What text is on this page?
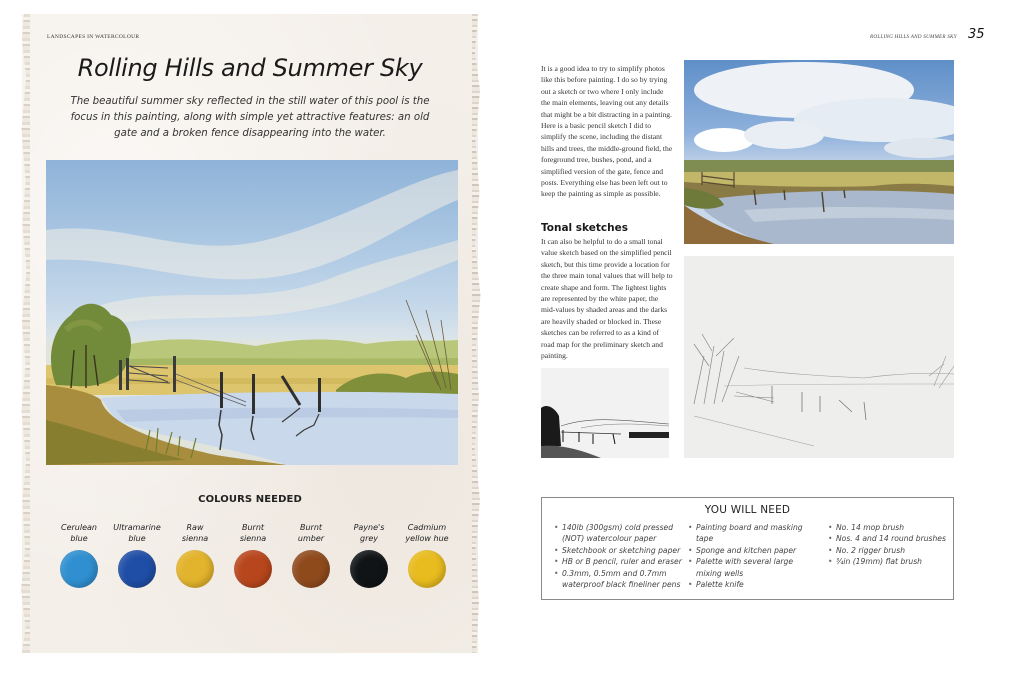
LANDSCAPES IN WATERCOLOUR
Rolling Hills and Summer Sky

The beautiful summer sky reflected in the still water of this pool is the focus in this painting, along with simple yet attractive features: an old gate and a broken fence disappearing into the water.

COLOURS NEEDED
Cerulean
blue
Ultramarine
blue
Raw
sienna
Burnt
sienna
Burnt
umber
Payne's
grey
Cadmium
yellow hue
ROLLING HILLS AND SUMMER SKY 35

It is a good idea to try to simplify photos like this before painting. I do so by trying out a sketch or two where I only include the main elements, leaving out any details that might be a bit distracting in a painting. Here is a basic pencil sketch I did to simplify the scene, including the distant hills and trees, the middle-ground field, the foreground tree, bushes, pond, and a simplified version of the gate, fence and posts. Everything else has been left out to keep the painting as simple as possible.

Tonal sketches

It can also be helpful to do a small tonal value sketch based on the simplified pencil sketch, but this time provide a location for the three main tonal values that will help to create shape and form. The lightest lights are represented by the white paper, the mid-values by shaded areas and the darks are heavily shaded or blocked in. These sketches can be referred to as a kind of road map for the preliminary sketch and painting.

YOU WILL NEED
• 140lb (300gsm) cold pressed (NOT) watercolour paper
• Sketchbook or sketching paper
• HB or B pencil, ruler and eraser
• 0.3mm, 0.5mm and 0.7mm waterproof black fineliner pens
• Painting board and masking tape
• Sponge and kitchen paper
• Palette with several large mixing wells
• Palette knife
• No. 14 mop brush
• Nos. 4 and 14 round brushes
• No. 2 rigger brush
• ¾in (19mm) flat brush
